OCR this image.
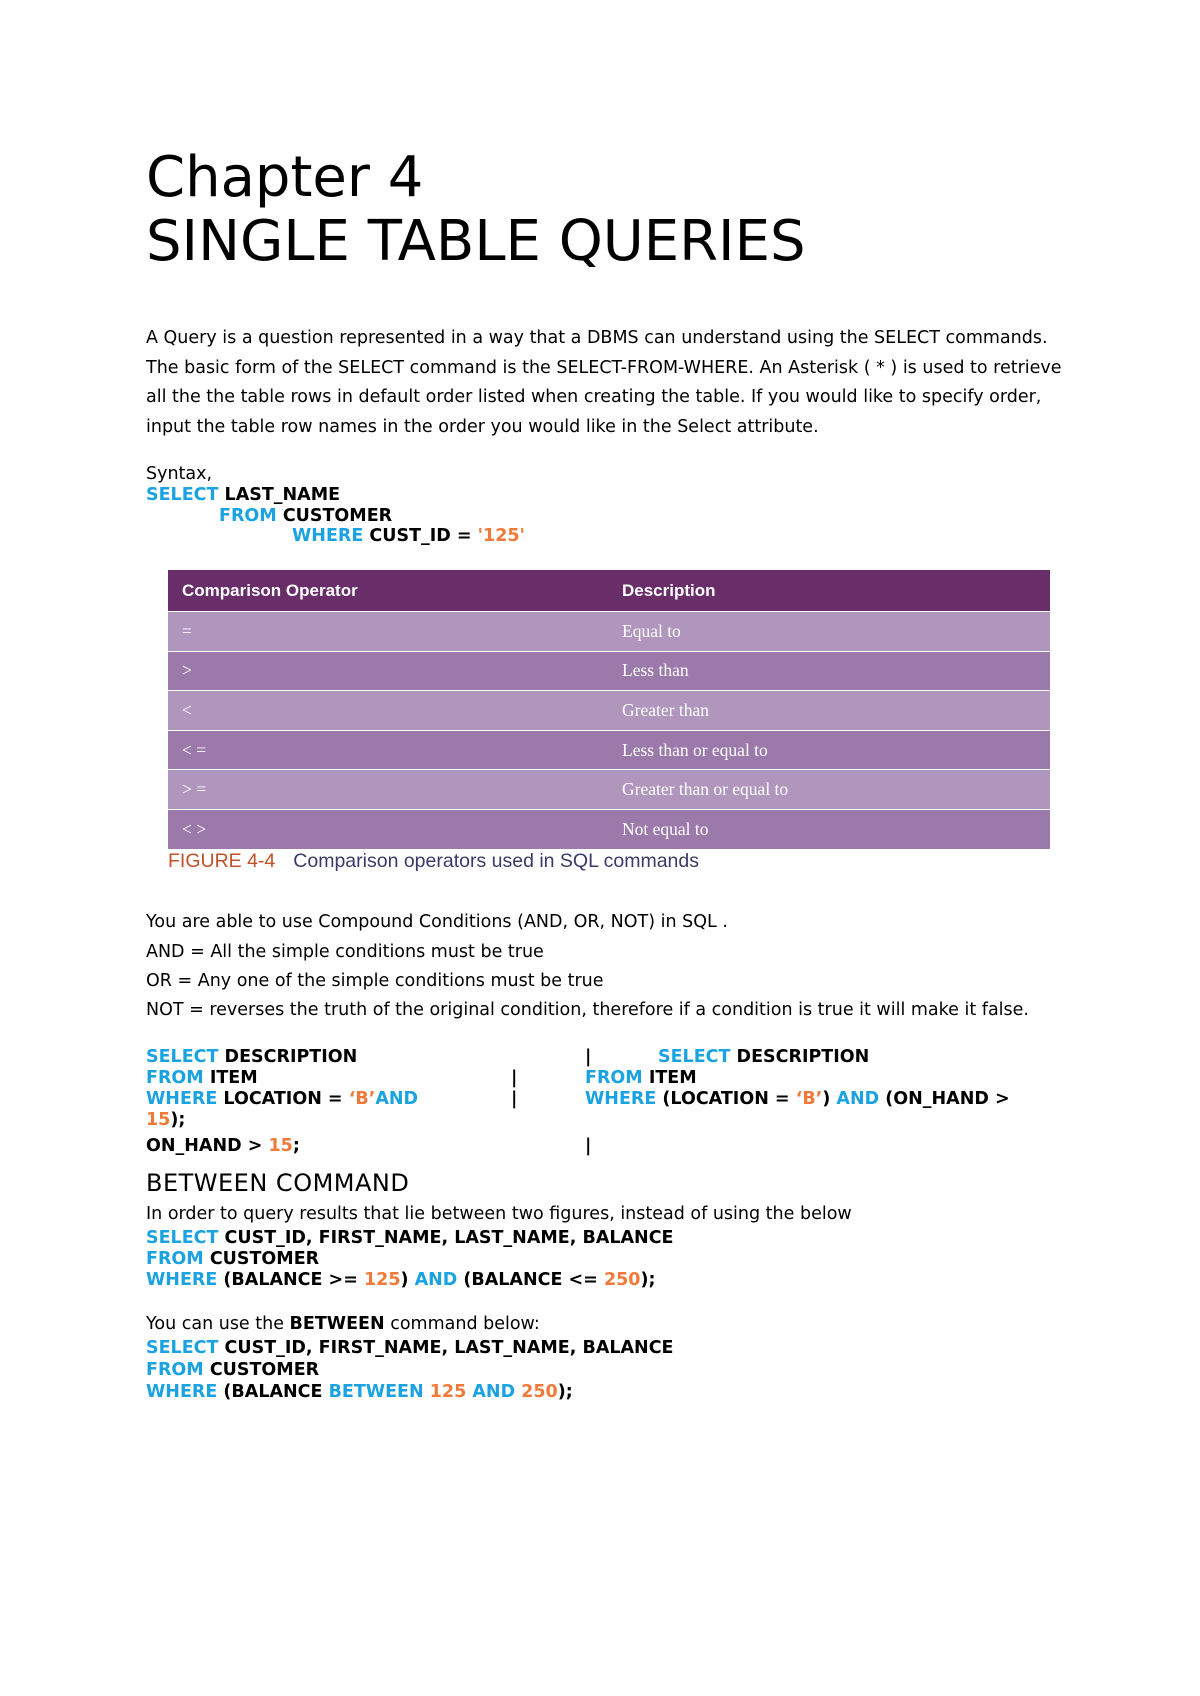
Chapter 4
SINGLE TABLE QUERIES
A Query is a question represented in a way that a DBMS can understand using the SELECT commands. The basic form of the SELECT command is the SELECT-FROM-WHERE. An Asterisk ( * ) is used to retrieve all the the table rows in default order listed when creating the table. If you would like to specify order, input the table row names in the order you would like in the Select attribute.
Syntax,
SELECT LAST_NAME
FROM CUSTOMER
WHERE CUST_ID = '125'
Comparison Operator	Description
=	Equal to
>	Less than
<	Greater than
< =	Less than or equal to
> =	Greater than or equal to
< >	Not equal to
FIGURE 4-4 Comparison operators used in SQL commands
You are able to use Compound Conditions (AND, OR, NOT) in SQL .
AND = All the simple conditions must be true
OR = Any one of the simple conditions must be true
NOT = reverses the truth of the original condition, therefore if a condition is true it will make it false.
SELECT DESCRIPTION
FROM ITEM
WHERE LOCATION = ‘B’AND
15);
ON_HAND > 15;
|
|
|
|
SELECT DESCRIPTION
FROM ITEM
WHERE (LOCATION = ‘B’) AND (ON_HAND >
BETWEEN COMMAND
In order to query results that lie between two figures, instead of using the below
SELECT CUST_ID, FIRST_NAME, LAST_NAME, BALANCE
FROM CUSTOMER
WHERE (BALANCE >= 125) AND (BALANCE <= 250);
You can use the BETWEEN command below:
SELECT CUST_ID, FIRST_NAME, LAST_NAME, BALANCE
FROM CUSTOMER
WHERE (BALANCE BETWEEN 125 AND 250);
